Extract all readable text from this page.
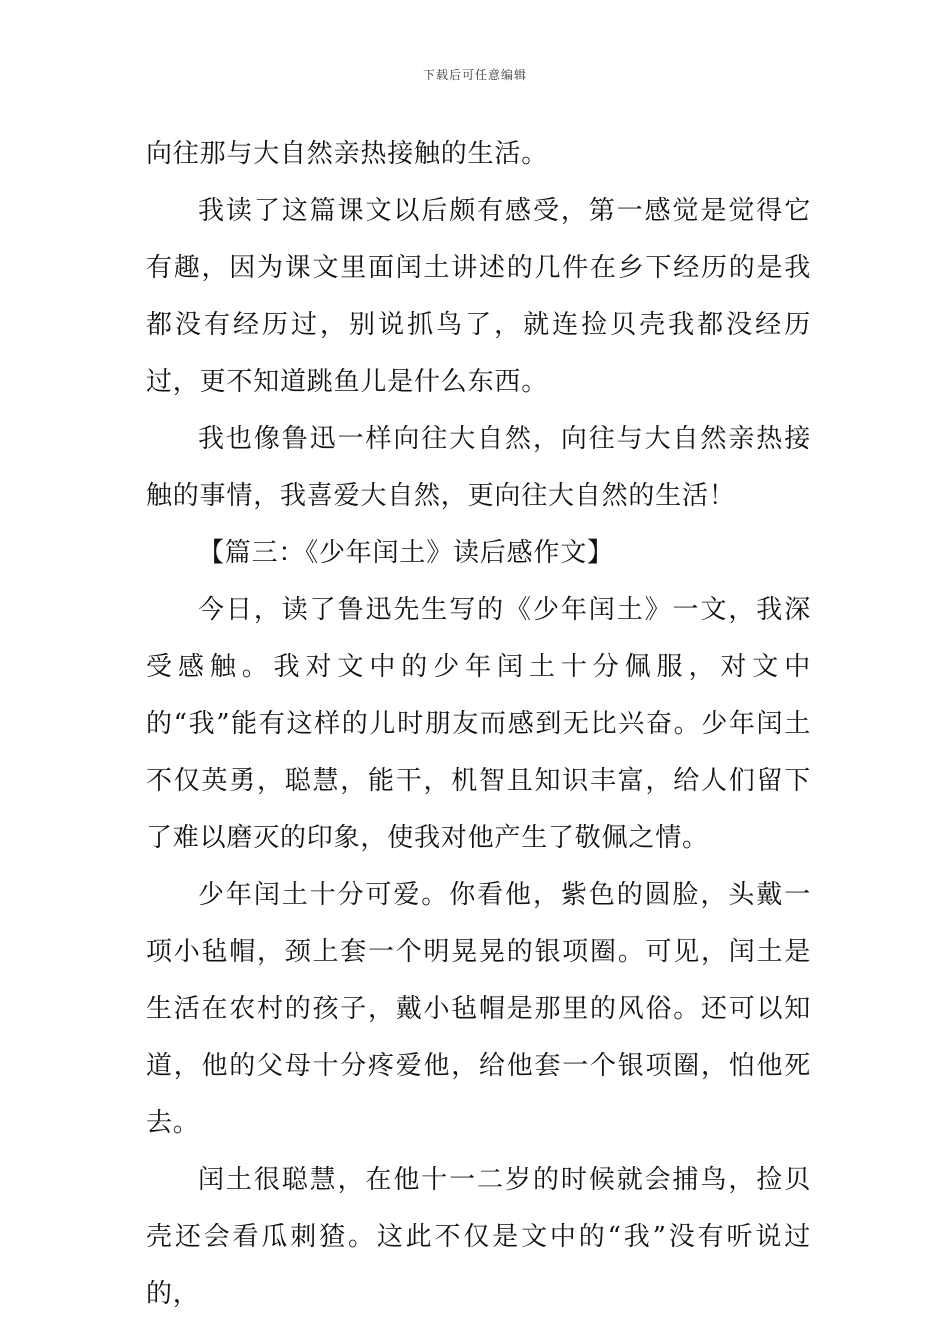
下载后可任意编辑

向往那与大自然亲热接触的生活。

我读了这篇课文以后颇有感受，第一感觉是觉得它有趣，因为课文里面闰土讲述的几件在乡下经历的是我都没有经历过，别说抓鸟了，就连捡贝壳我都没经历过，更不知道跳鱼儿是什么东西。

我也像鲁迅一样向往大自然，向往与大自然亲热接触的事情，我喜爱大自然，更向往大自然的生活！

【篇三：《少年闰土》读后感作文】

今日，读了鲁迅先生写的《少年闰土》一文，我深受感触。我对文中的少年闰土十分佩服，对文中的“我”能有这样的儿时朋友而感到无比兴奋。少年闰土不仅英勇，聪慧，能干，机智且知识丰富，给人们留下了难以磨灭的印象，使我对他产生了敬佩之情。

少年闰土十分可爱。你看他，紫色的圆脸，头戴一项小毡帽，颈上套一个明晃晃的银项圈。可见，闰土是生活在农村的孩子，戴小毡帽是那里的风俗。还可以知道，他的父母十分疼爱他，给他套一个银项圈，怕他死去。

闰土很聪慧，在他十一二岁的时候就会捕鸟，捡贝壳还会看瓜刺猹。这此不仅是文中的“我”没有听说过的，
